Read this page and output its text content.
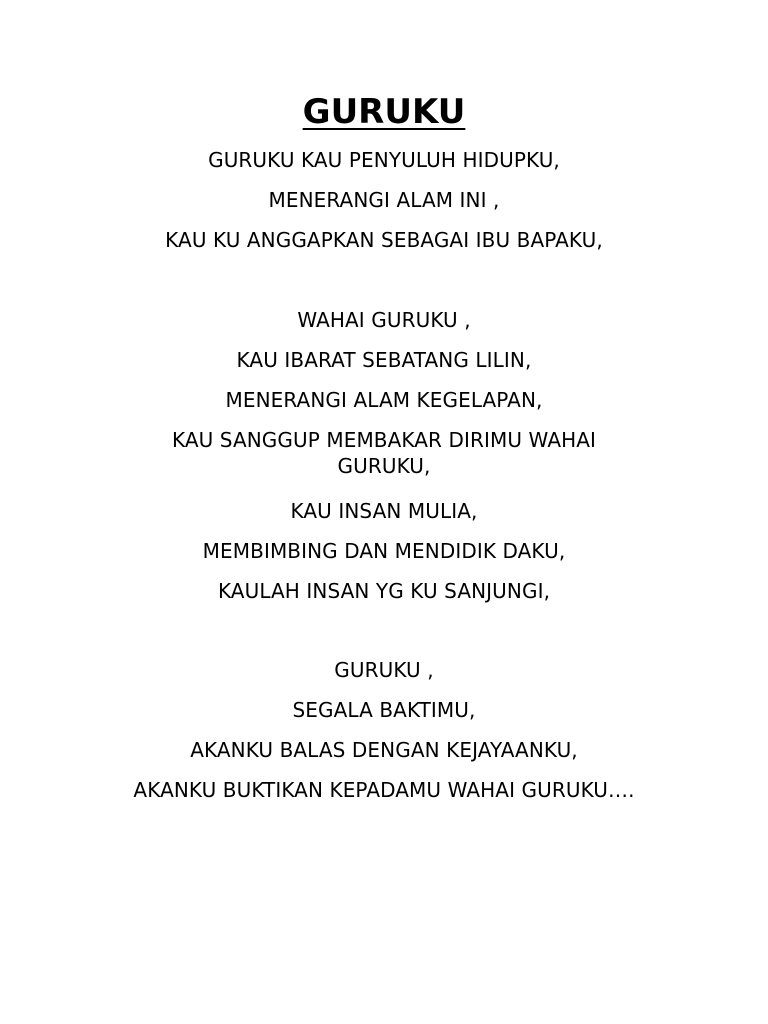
GURUKU
GURUKU KAU PENYULUH HIDUPKU,
MENERANGI ALAM INI ,
KAU KU ANGGAPKAN SEBAGAI IBU BAPAKU,
WAHAI GURUKU ,
KAU IBARAT SEBATANG LILIN,
MENERANGI ALAM KEGELAPAN,
KAU SANGGUP MEMBAKAR DIRIMU WAHAI GURUKU,
KAU INSAN MULIA,
MEMBIMBING DAN MENDIDIK DAKU,
KAULAH INSAN YG KU SANJUNGI,
GURUKU ,
SEGALA BAKTIMU,
AKANKU BALAS DENGAN KEJAYAANKU,
AKANKU BUKTIKAN KEPADAMU WAHAI GURUKU….
